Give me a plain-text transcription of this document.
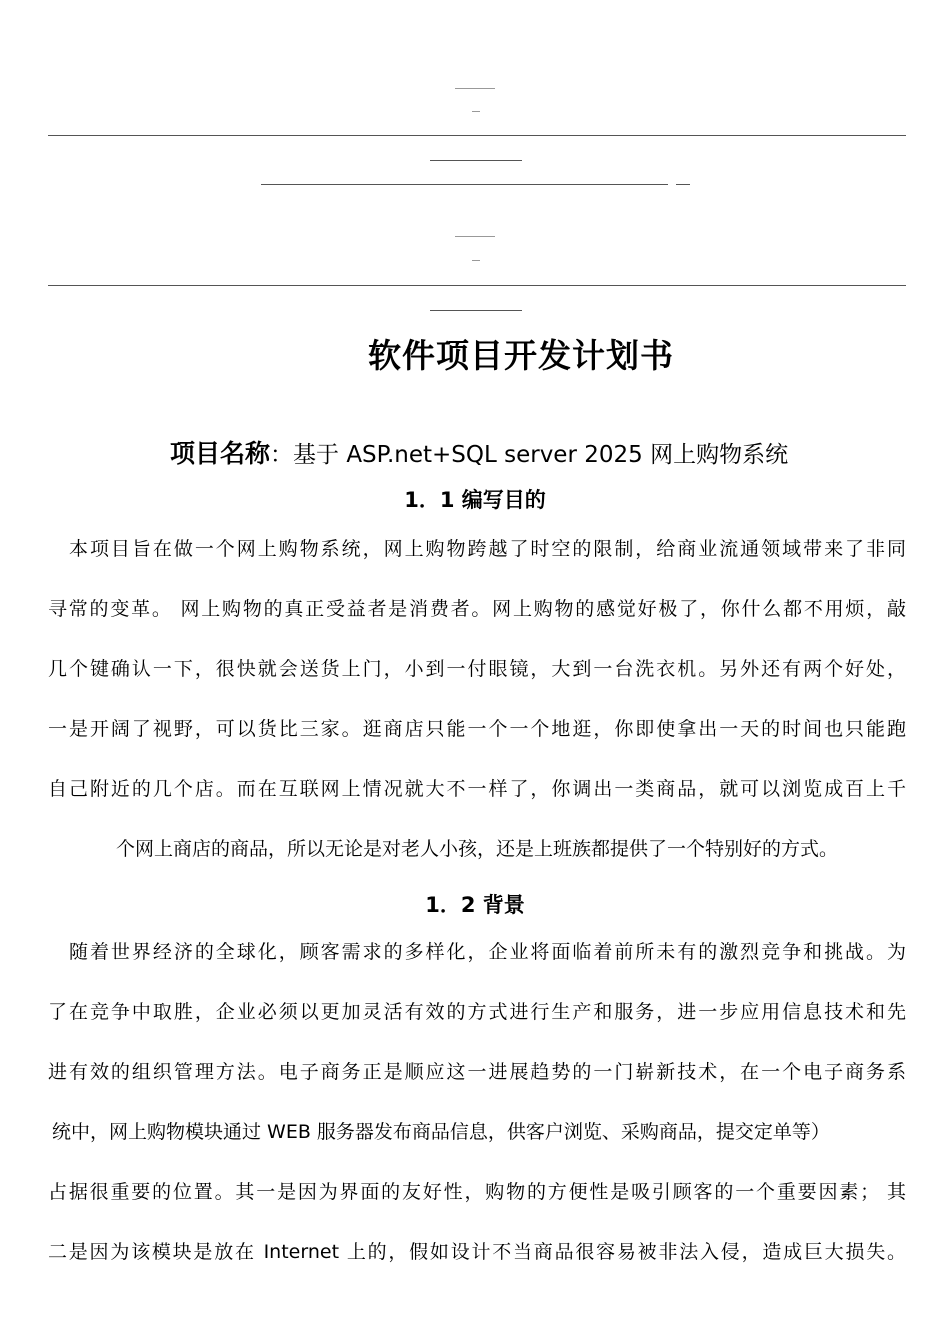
软件项目开发计划书
项目名称：基于 ASP.net+SQL server 2025 网上购物系统
1．1 编写目的
　本项目旨在做一个网上购物系统，网上购物跨越了时空的限制，给商业流通领域带来了非同
寻常的变革。 网上购物的真正受益者是消费者。网上购物的感觉好极了，你什么都不用烦，敲
几个键确认一下，很快就会送货上门，小到一付眼镜，大到一台洗衣机。另外还有两个好处，
一是开阔了视野，可以货比三家。逛商店只能一个一个地逛，你即使拿出一天的时间也只能跑
自己附近的几个店。而在互联网上情况就大不一样了，你调出一类商品，就可以浏览成百上千
个网上商店的商品，所以无论是对老人小孩，还是上班族都提供了一个特别好的方式。
1．2 背景
　随着世界经济的全球化，顾客需求的多样化，企业将面临着前所未有的激烈竞争和挑战。为
了在竞争中取胜，企业必须以更加灵活有效的方式进行生产和服务，进一步应用信息技术和先
进有效的组织管理方法。电子商务正是顺应这一进展趋势的一门崭新技术，在一个电子商务系
统中，网上购物模块通过 WEB 服务器发布商品信息，供客户浏览、采购商品，提交定单等）
占据很重要的位置。其一是因为界面的友好性，购物的方便性是吸引顾客的一个重要因素； 其
二是因为该模块是放在 Internet 上的，假如设计不当商品很容易被非法入侵，造成巨大损失。
